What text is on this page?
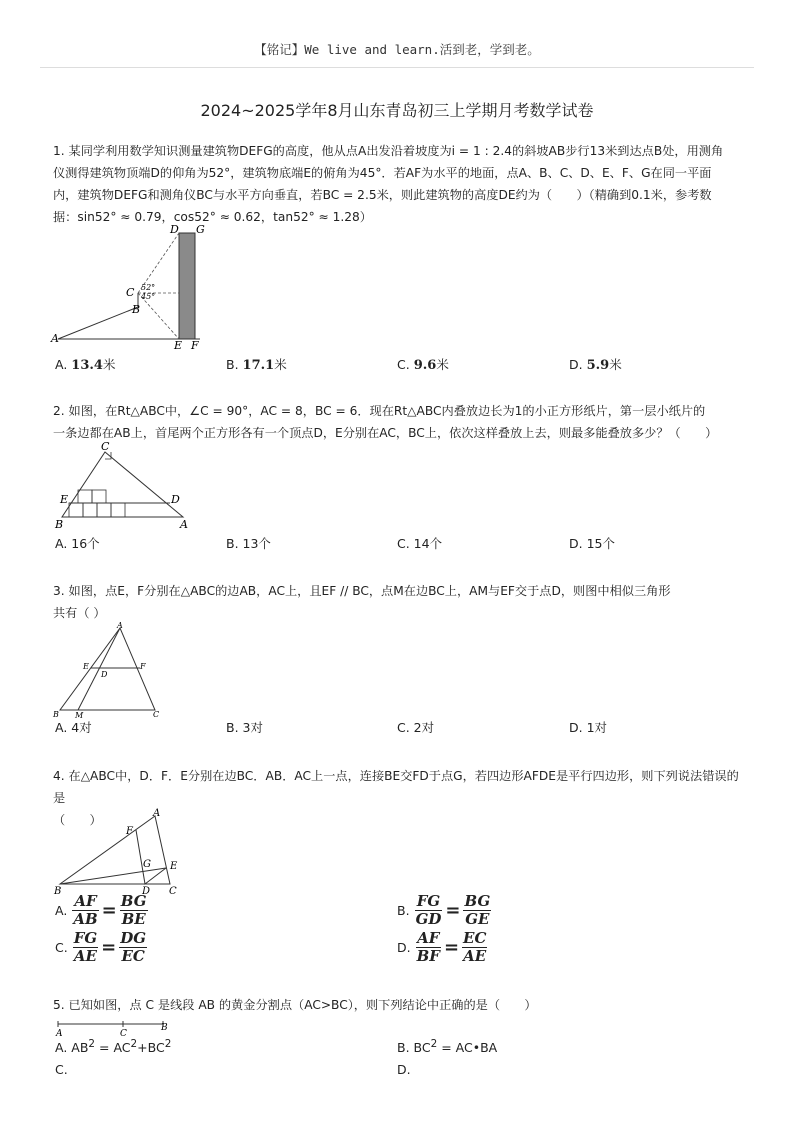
【铭记】We live and learn.活到老，学到老。
2024~2025学年8月山东青岛初三上学期月考数学试卷
1. 某同学利用数学知识测量建筑物DEFG的高度，他从点A出发沿着坡度为i = 1 : 2.4的斜坡AB步行13米到达点B处，用测角
仪测得建筑物顶端D的仰角为52°，建筑物底端E的俯角为45°．若AF为水平的地面，点A、B、C、D、E、F、G在同一平面
内，建筑物DEFG和测角仪BC与水平方向垂直，若BC = 2.5米，则此建筑物的高度DE约为（　　）（精确到0.1米，参考数
据：sin52° ≈ 0.79，cos52° ≈ 0.62，tan52° ≈ 1.28）
D G
C
B
A
E F
52°
45°
A. 13.4米	B. 17.1米	C. 9.6米	D. 5.9米
2. 如图，在Rt△ABC中，∠C = 90°，AC = 8，BC = 6．现在Rt△ABC内叠放边长为1的小正方形纸片，第一层小纸片的
一条边都在AB上，首尾两个正方形各有一个顶点D，E分别在AC，BC上，依次这样叠放上去，则最多能叠放多少？（　　）
C
E	D
B	A
A. 16个	B. 13个	C. 14个	D. 15个
3. 如图，点E，F分别在△ABC的边AB，AC上，且EF // BC，点M在边BC上，AM与EF交于点D，则图中相似三角形
共有（ ）
A
E	F
D
B M	C
A. 4对	B. 3对	C. 2对	D. 1对
4. 在△ABC中，D．F．E分别在边BC．AB．AC上一点，连接BE交FD于点G，若四边形AFDE是平行四边形，则下列说法错误的是
（　　）	A
F
G E
B	D C
A. $\frac{AF}{AB} = \frac{BG}{BE}$	B. $\frac{FG}{GD} = \frac{BG}{GE}$
C. $\frac{FG}{AE} = \frac{DG}{EC}$	D. $\frac{AF}{BF} = \frac{EC}{AE}$
5. 已知如图，点 C 是线段 AB 的黄金分割点（AC>BC），则下列结论中正确的是（　　）
A	C
B
A. $AB^2 = AC^2+BC^2$	B. $BC^2$ = AC•BA
C.	D.
